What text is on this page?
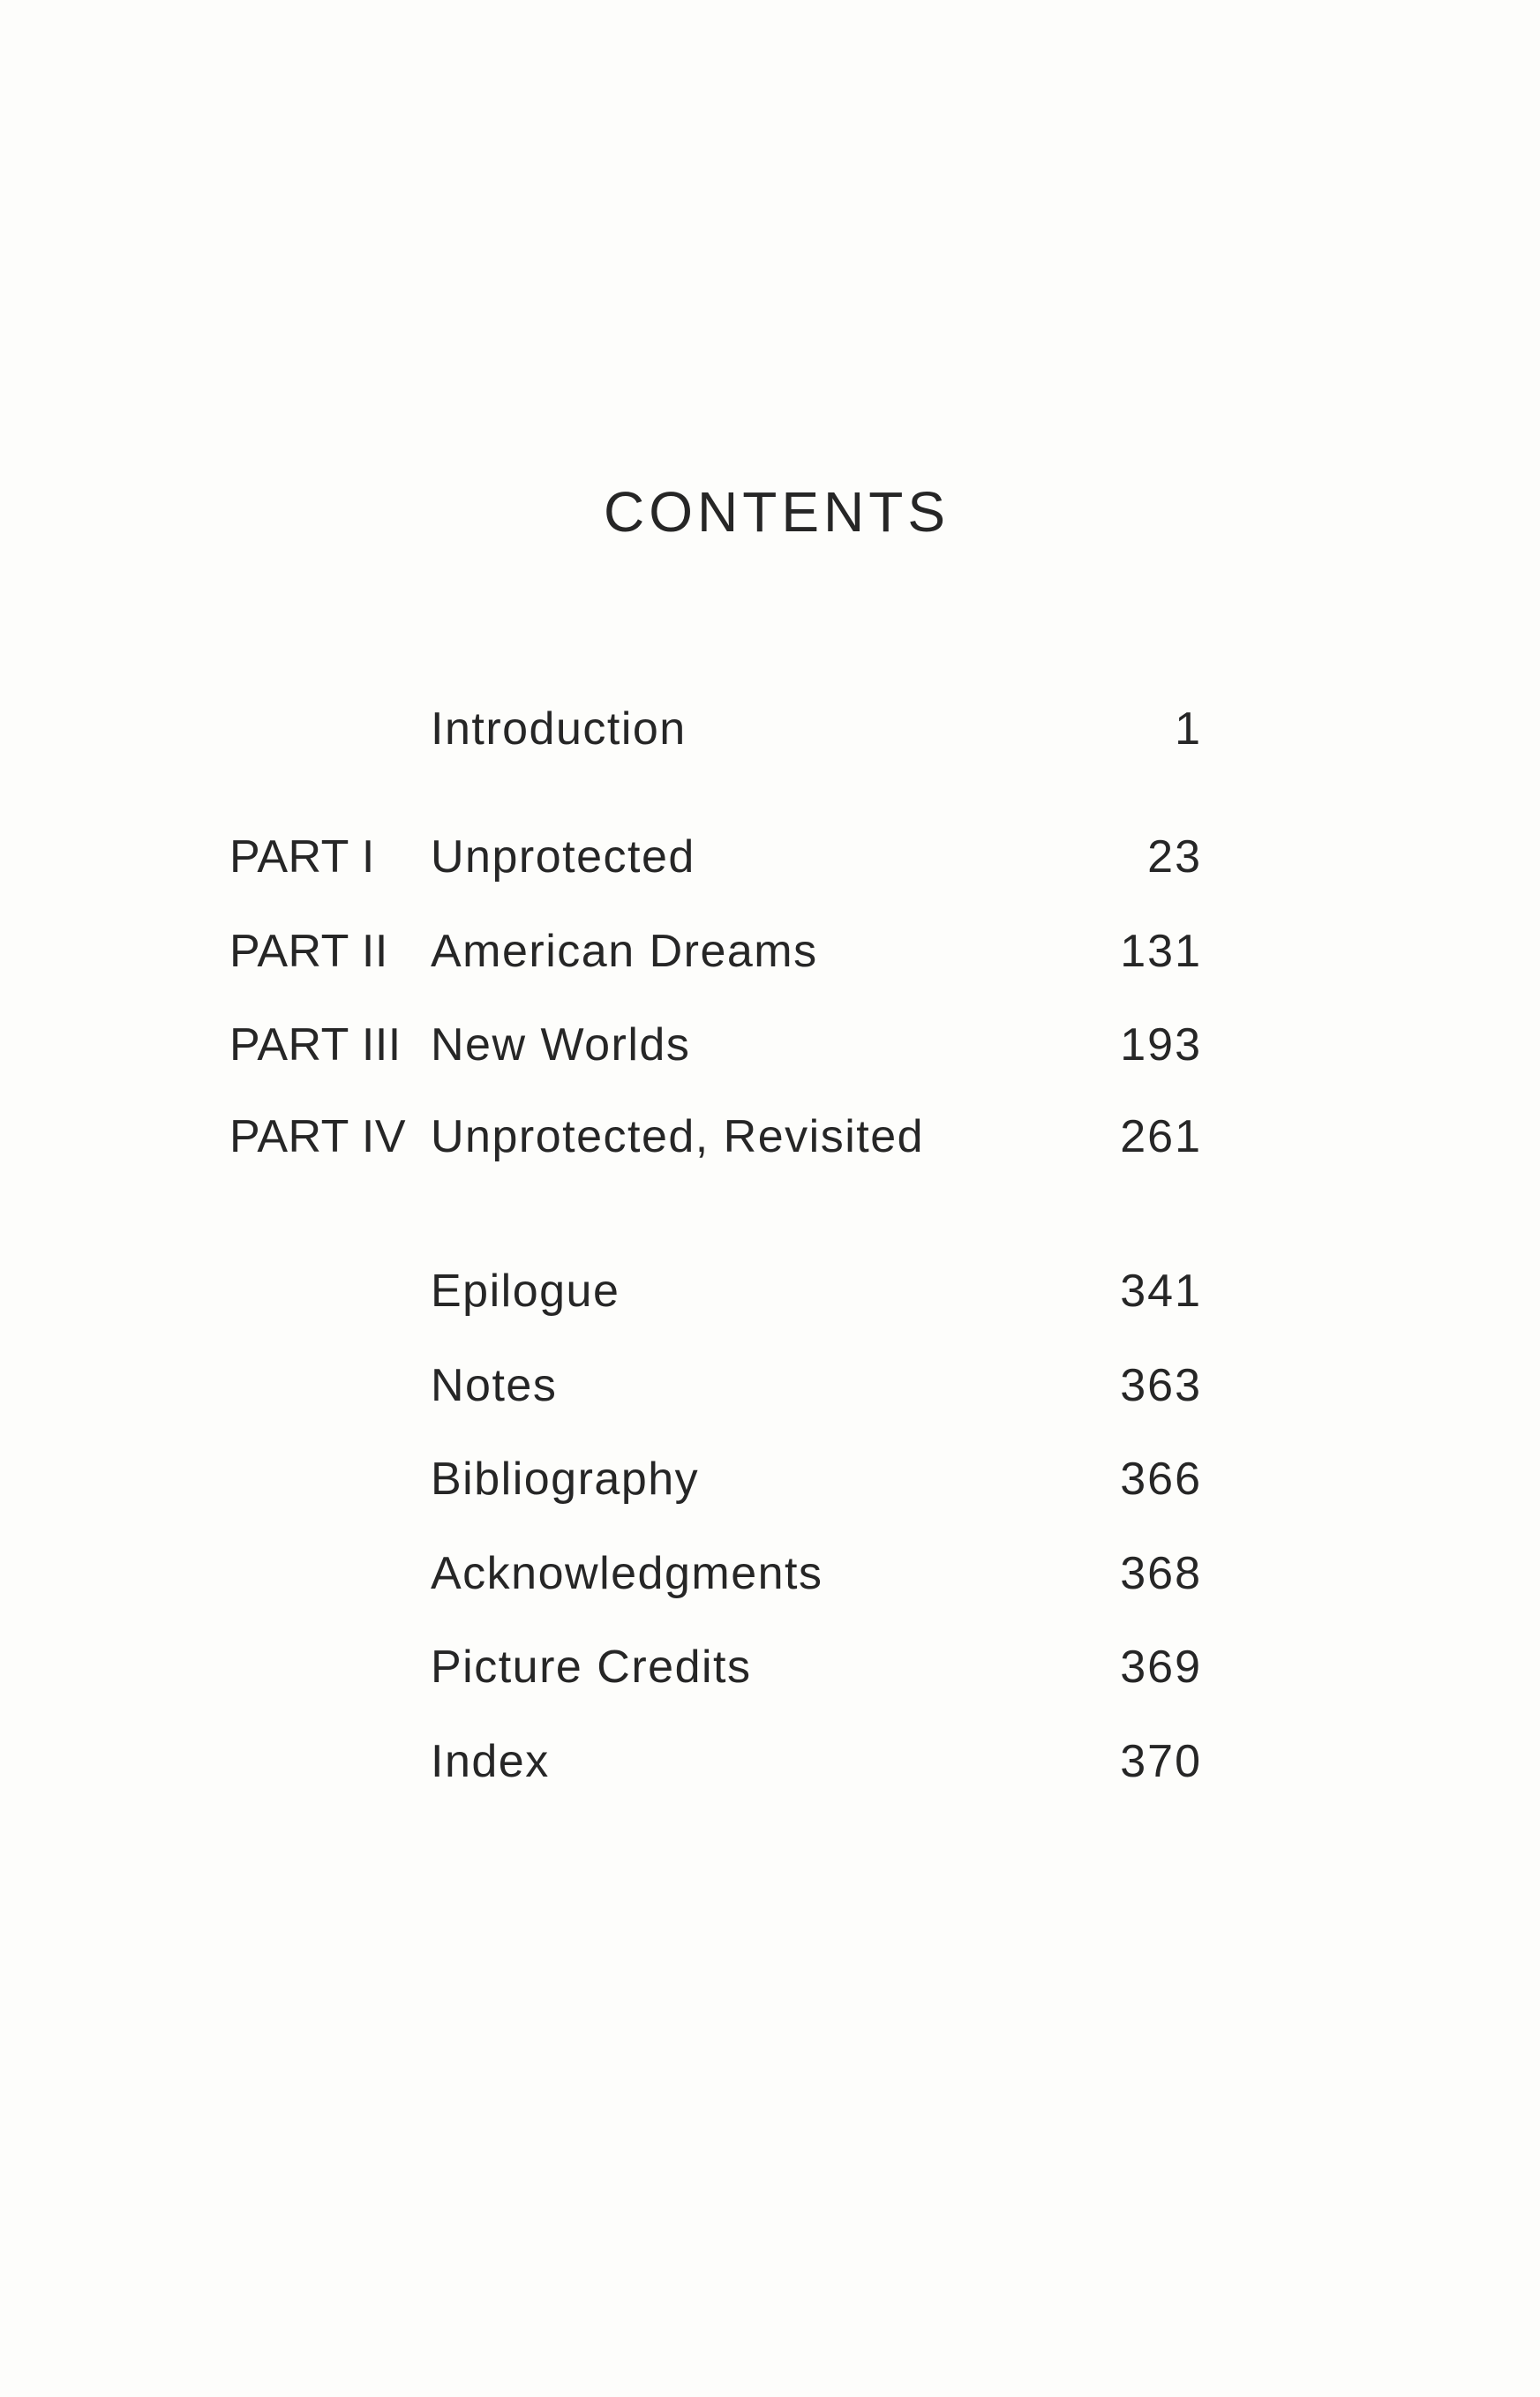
CONTENTS
Introduction	1
PART I Unprotected	23
PART II American Dreams	131
PART III New Worlds	193
PART IV Unprotected, Revisited	261
Epilogue	341
Notes	363
Bibliography	366
Acknowledgments	368
Picture Credits	369
Index	370
